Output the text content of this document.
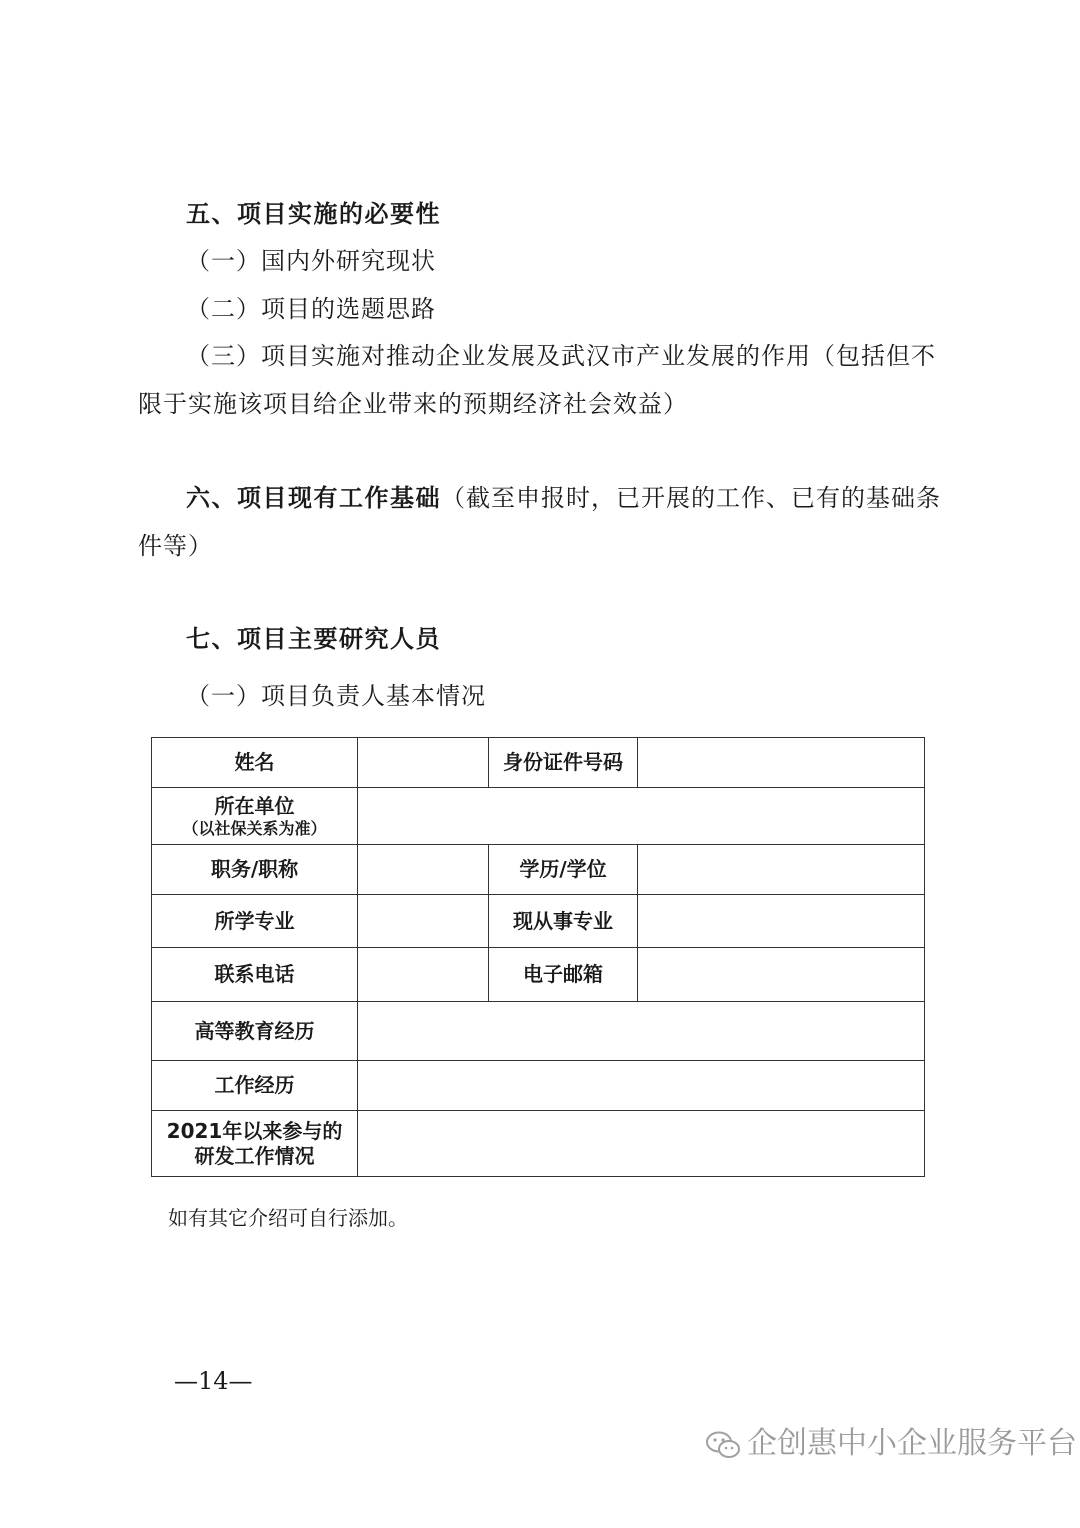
五、项目实施的必要性
（一）国内外研究现状
（二）项目的选题思路
（三）项目实施对推动企业发展及武汉市产业发展的作用（包括但不
限于实施该项目给企业带来的预期经济社会效益）
六、项目现有工作基础（截至申报时，已开展的工作、已有的基础条
件等）
七、项目主要研究人员
（一）项目负责人基本情况
姓名		身份证件号码	
所在单位
（以社保关系为准）			

职务/职称		学历/学位	
所学专业		现从事专业	
联系电话		电子邮箱	
高等教育经历			
工作经历			

2021年以来参与的
研发工作情况			

如有其它介绍可自行添加。
—14—
企创惠中小企业服务平台
